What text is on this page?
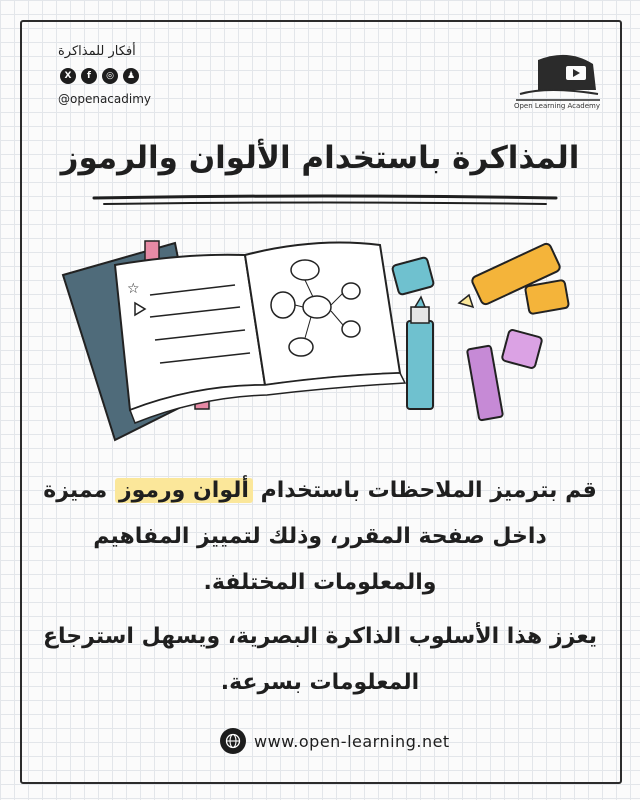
أفكار للمذاكرة
X	f	◎	♟
@openacadimy	Open Learning Academy
المذاكرة باستخدام الألوان والرموز
☆

قم بترميز الملاحظات باستخدام ألوان ورموز مميزة داخل صفحة المقرر، وذلك لتمييز المفاهيم والمعلومات المختلفة.

يعزز هذا الأسلوب الذاكرة البصرية، ويسهل استرجاع المعلومات بسرعة.

www.open-learning.net
